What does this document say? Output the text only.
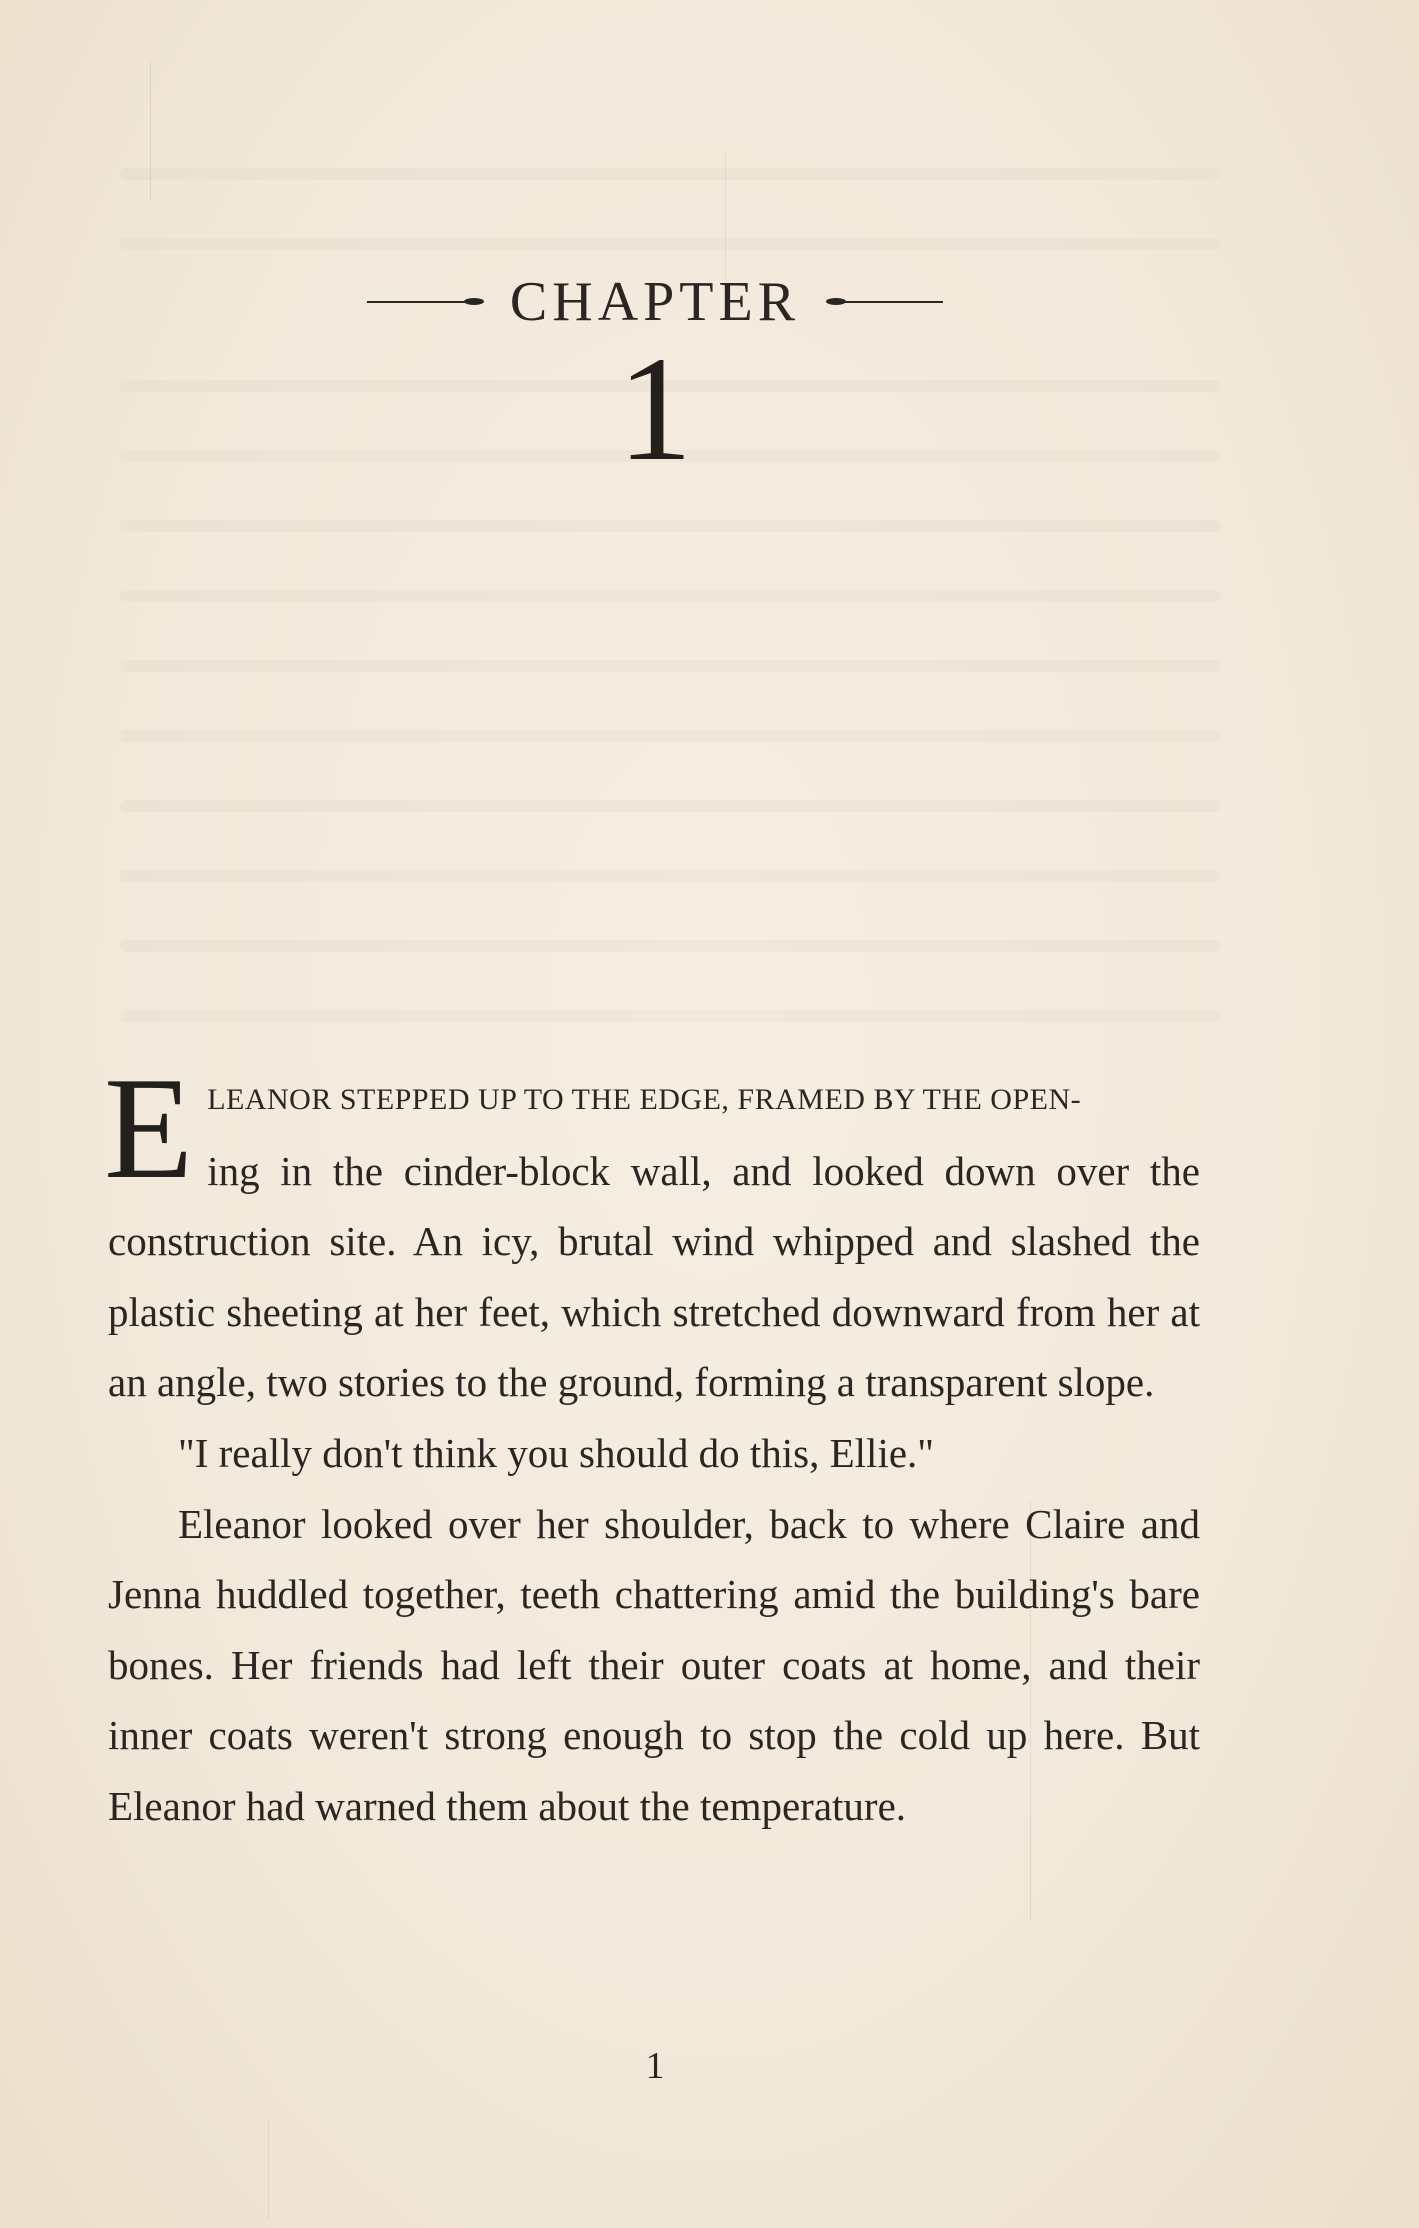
CHAPTER
1

ELEANOR STEPPED UP TO THE EDGE, FRAMED BY THE OPEN-
ing in the cinder-block wall, and looked down over the construction site. An icy, brutal wind whipped and slashed the plastic sheeting at her feet, which stretched downward from her at an angle, two stories to the ground, forming a transparent slope.

"I really don't think you should do this, Ellie."

Eleanor looked over her shoulder, back to where Claire and Jenna huddled together, teeth chattering amid the building's bare bones. Her friends had left their outer coats at home, and their inner coats weren't strong enough to stop the cold up here. But Eleanor had warned them about the temperature.

1
